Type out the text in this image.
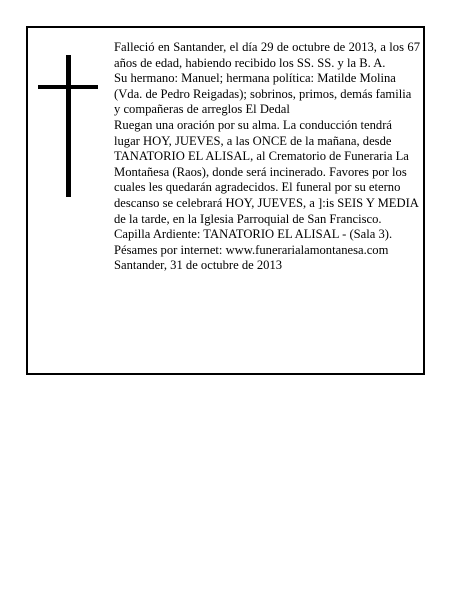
Falleció en Santander, el día 29 de octubre de 2013, a los 67 años de edad, habiendo recibido los SS. SS. y la B. A.
Su hermano: Manuel; hermana política: Matilde Molina (Vda. de Pedro Reigadas); sobrinos, primos, demás familia y compañeras de arreglos El Dedal
Ruegan una oración por su alma. La conducción tendrá lugar HOY, JUEVES, a las ONCE de la mañana, desde TANATORIO EL ALISAL, al Crematorio de Funeraria La Montañesa (Raos), donde será incinerado. Favores por los cuales les quedarán agradecidos. El funeral por su eterno descanso se celebrará HOY, JUEVES, a ]:is SEIS Y MEDIA de la tarde, en la Iglesia Parroquial de San Francisco. Capilla Ardiente: TANATORIO EL ALISAL - (Sala 3).
Pésames por internet: www.funerarialamontanesa.com
Santander, 31 de octubre de 2013
